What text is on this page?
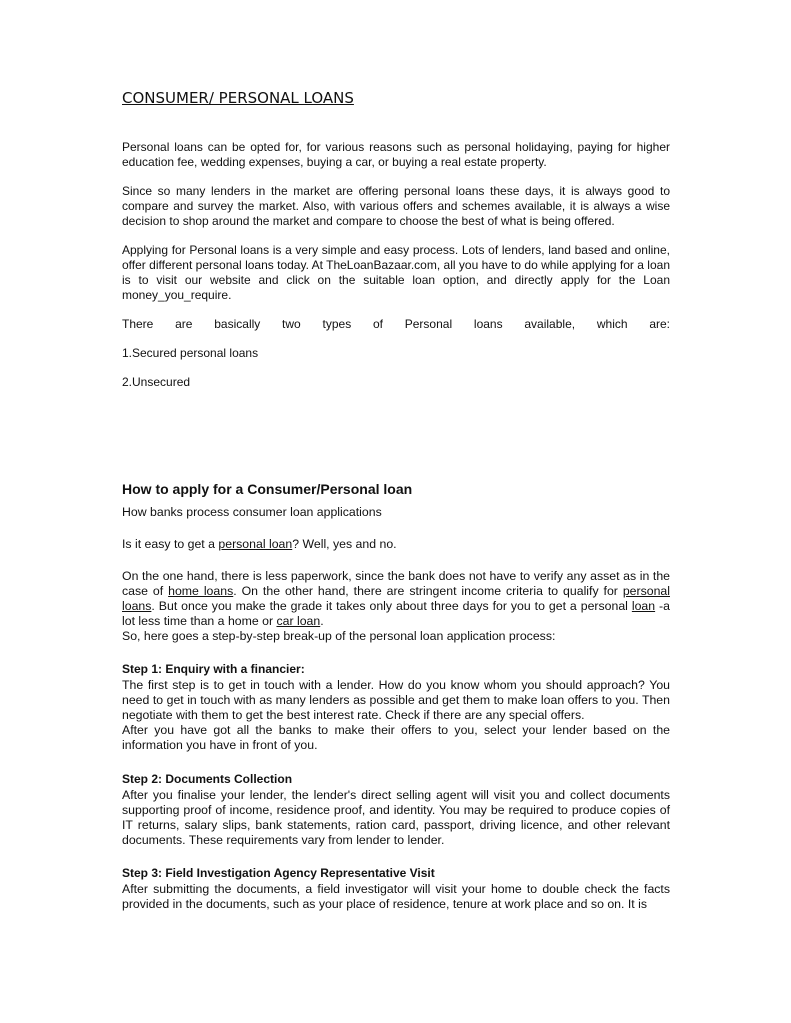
CONSUMER/ PERSONAL LOANS

Personal loans can be opted for, for various reasons such as personal holidaying, paying for higher education fee, wedding expenses, buying a car, or buying a real estate property.

Since so many lenders in the market are offering personal loans these days, it is always good to compare and survey the market. Also, with various offers and schemes available, it is always a wise decision to shop around the market and compare to choose the best of what is being offered.

Applying for Personal loans is a very simple and easy process. Lots of lenders, land based and online, offer different personal loans today. At TheLoanBazaar.com, all you have to do while applying for a loan is to visit our website and click on the suitable loan option, and directly apply for the Loan money_you_require.

There are basically two types of Personal loans available, which are:

1.Secured personal loans

2.Unsecured

How to apply for a Consumer/Personal loan

How banks process consumer loan applications

Is it easy to get a personal loan? Well, yes and no.

On the one hand, there is less paperwork, since the bank does not have to verify any asset as in the case of home loans. On the other hand, there are stringent income criteria to qualify for personal loans. But once you make the grade it takes only about three days for you to get a personal loan -a lot less time than a home or car loan.

So, here goes a step-by-step break-up of the personal loan application process:

Step 1: Enquiry with a financier:

The first step is to get in touch with a lender. How do you know whom you should approach? You need to get in touch with as many lenders as possible and get them to make loan offers to you. Then negotiate with them to get the best interest rate. Check if there are any special offers.

After you have got all the banks to make their offers to you, select your lender based on the information you have in front of you.

Step 2: Documents Collection

After you finalise your lender, the lender's direct selling agent will visit you and collect documents supporting proof of income, residence proof, and identity. You may be required to produce copies of IT returns, salary slips, bank statements, ration card, passport, driving licence, and other relevant documents. These requirements vary from lender to lender.

Step 3: Field Investigation Agency Representative Visit

After submitting the documents, a field investigator will visit your home to double check the facts provided in the documents, such as your place of residence, tenure at work place and so on. It is
